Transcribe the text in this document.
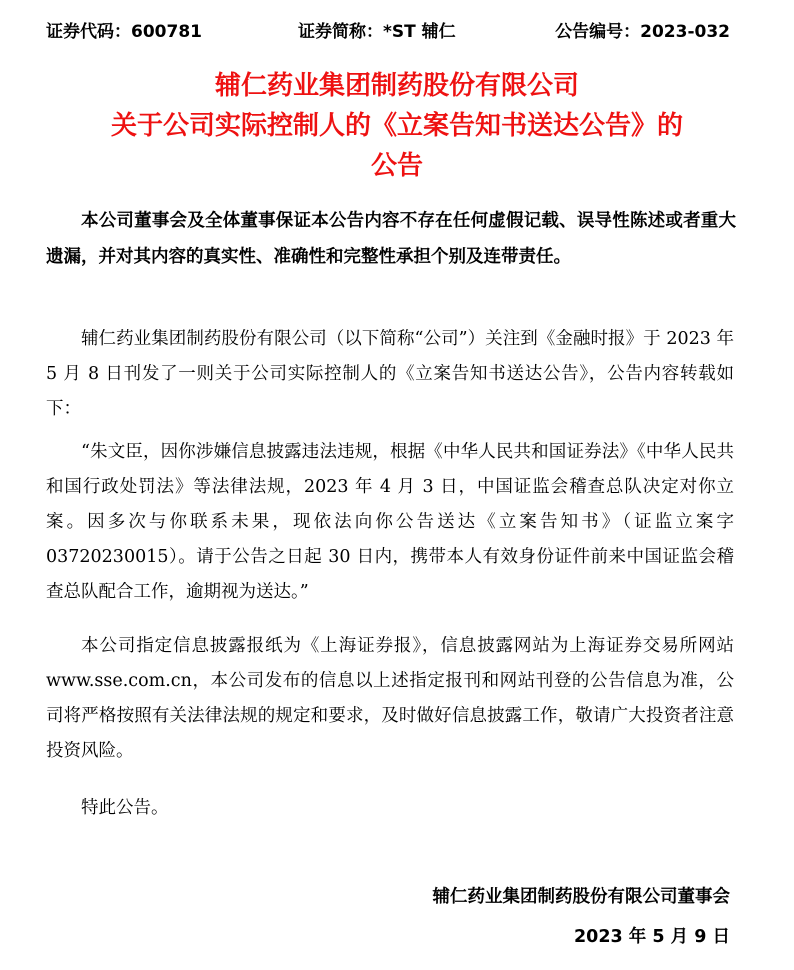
证券代码：600781	证券简称：*ST 辅仁	公告编号：2023-032
辅仁药业集团制药股份有限公司
关于公司实际控制人的《立案告知书送达公告》的
公告
本公司董事会及全体董事保证本公告内容不存在任何虚假记载、误导性陈述或者重大遗漏，并对其内容的真实性、准确性和完整性承担个别及连带责任。
辅仁药业集团制药股份有限公司（以下简称“公司”）关注到《金融时报》于 2023 年 5 月 8 日刊发了一则关于公司实际控制人的《立案告知书送达公告》，公告内容转载如下：
“朱文臣，因你涉嫌信息披露违法违规，根据《中华人民共和国证券法》《中华人民共和国行政处罚法》等法律法规，2023 年 4 月 3 日，中国证监会稽查总队决定对你立案。因多次与你联系未果，现依法向你公告送达《立案告知书》（证监立案字 03720230015）。请于公告之日起 30 日内，携带本人有效身份证件前来中国证监会稽查总队配合工作，逾期视为送达。”
本公司指定信息披露报纸为《上海证券报》，信息披露网站为上海证券交易所网站 www.sse.com.cn，本公司发布的信息以上述指定报刊和网站刊登的公告信息为准，公司将严格按照有关法律法规的规定和要求，及时做好信息披露工作，敬请广大投资者注意投资风险。
特此公告。
辅仁药业集团制药股份有限公司董事会
2023 年 5 月 9 日
